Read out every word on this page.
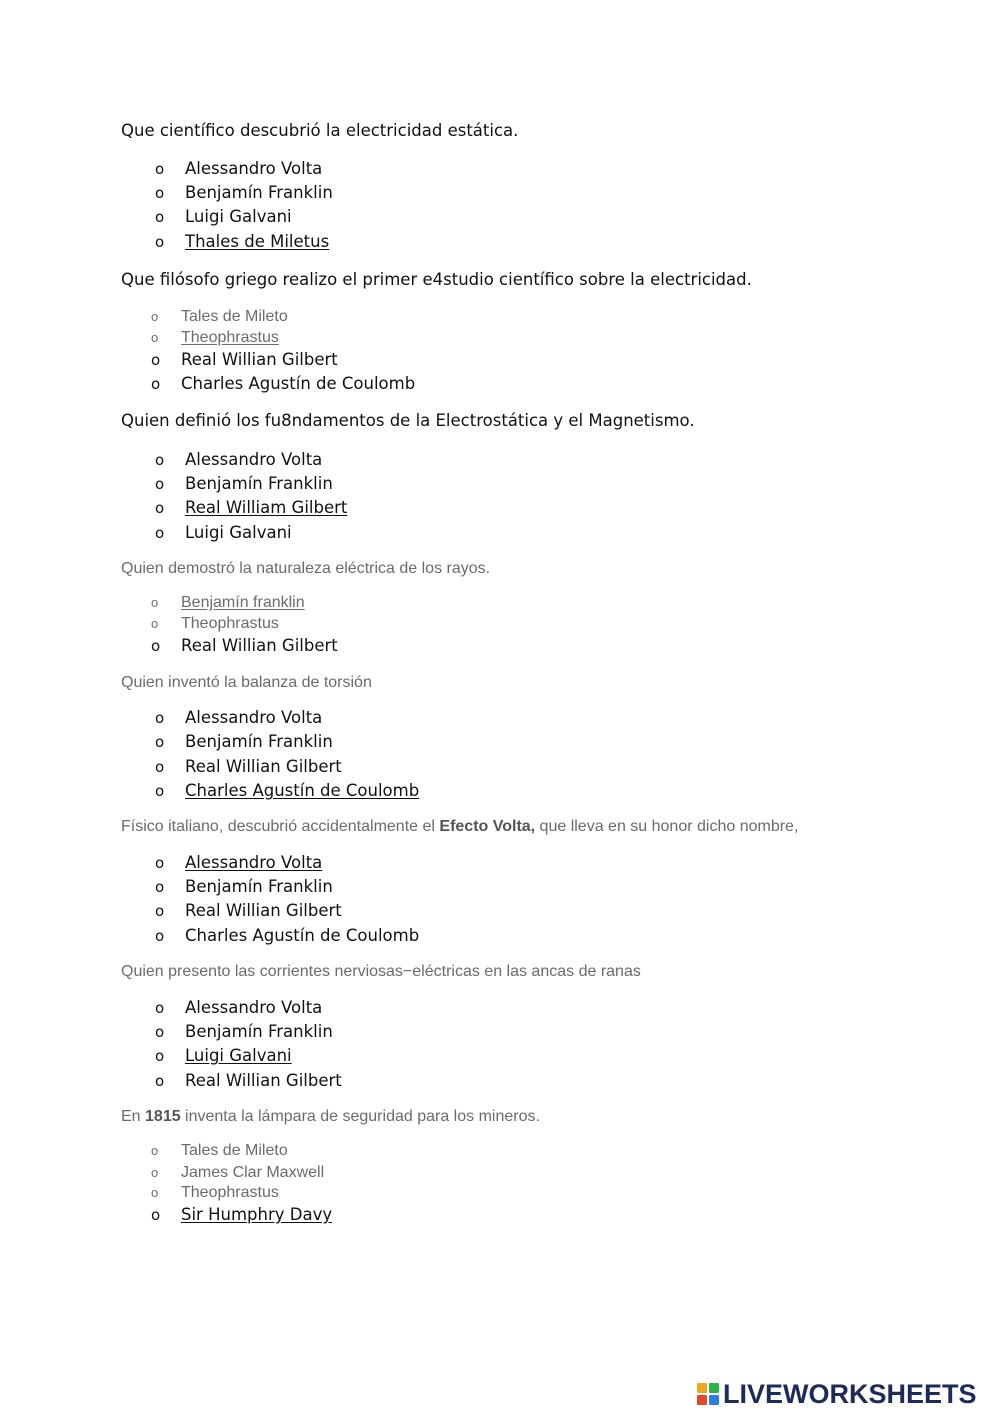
Que científico descubrió la electricidad estática.

o Alessandro Volta
o Benjamín Franklin
o Luigi Galvani
o Thales de Miletus

Que filósofo griego realizo el primer e4studio científico sobre la electricidad.

o Tales de Mileto
o Theophrastus
o Real Willian Gilbert
o Charles Agustín de Coulomb

Quien definió los fu8ndamentos de la Electrostática y el Magnetismo.

o Alessandro Volta
o Benjamín Franklin
o Real William Gilbert
o Luigi Galvani

Quien demostró la naturaleza eléctrica de los rayos.

o Benjamín franklin
o Theophrastus
o Real Willian Gilbert

Quien inventó la balanza de torsión

o Alessandro Volta
o Benjamín Franklin
o Real Willian Gilbert
o Charles Agustín de Coulomb

Físico italiano, descubrió accidentalmente el Efecto Volta, que lleva en su honor dicho nombre,

o Alessandro Volta
o Benjamín Franklin
o Real Willian Gilbert
o Charles Agustín de Coulomb

Quien presento las corrientes nerviosas−eléctricas en las ancas de ranas

o Alessandro Volta
o Benjamín Franklin
o Luigi Galvani
o Real Willian Gilbert

En 1815 inventa la lámpara de seguridad para los mineros.

o Tales de Mileto
o James Clar Maxwell
o Theophrastus
o Sir Humphry Davy
LIVEWORKSHEETS
